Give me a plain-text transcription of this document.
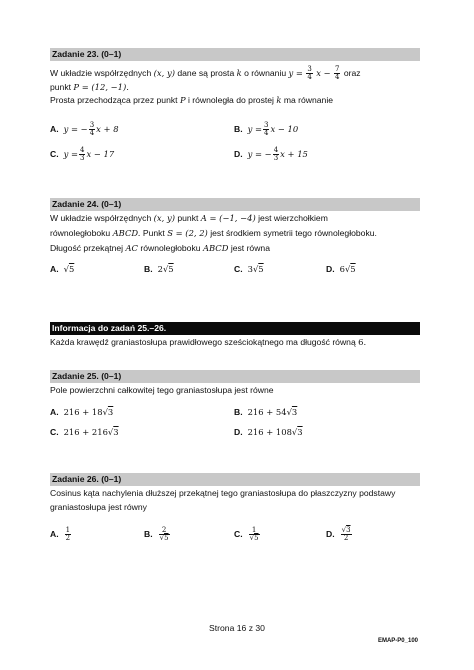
Zadanie 23. (0–1)
W układzie współrzędnych (x, y) dane są prosta k o równaniu $y = \frac{3}{4}$ $x - \frac{7}{4}$ oraz
punkt P = (12, −1).
Prosta przechodząca przez punkt P i równoległa do prostej k ma równanie
A. y = − $\frac{3}{4}$ x + 8	B. $y = \frac{3}{4}$ x − 10
C. $y = \frac{4}{3}$ x − 17	D. y = − $\frac{4}{3}$ x + 15
Zadanie 24. (0–1)
W układzie współrzędnych (x, y) punkt A = (−1, −4) jest wierzchołkiem
równoległoboku ABCD. Punkt S = (2, 2) jest środkiem symetrii tego równoległoboku.
Długość przekątnej AC równoległoboku ABCD jest równa
A. √5	B. 2√5	C. 3√5	D. 6√5
Informacja do zadań 25.–26.
Każda krawędź graniastosłupa prawidłowego sześciokątnego ma długość równą 6.
Zadanie 25. (0–1)
Pole powierzchni całkowitej tego graniastosłupa jest równe
A. 216 + 18√3	B. 216 + 54√3
C. 216 + 216√3	D. 216 + 108√3
Zadanie 26. (0–1)
Cosinus kąta nachylenia dłuższej przekątnej tego graniastosłupa do płaszczyzny podstawy
graniastosłupa jest równy
A. $\frac{1}{2}$	B. $\frac{2}{√5}$	C. $\frac{1}{√5}$	D. $\frac{√3}{2}$
Strona 16 z 30
EMAP-P0_100
